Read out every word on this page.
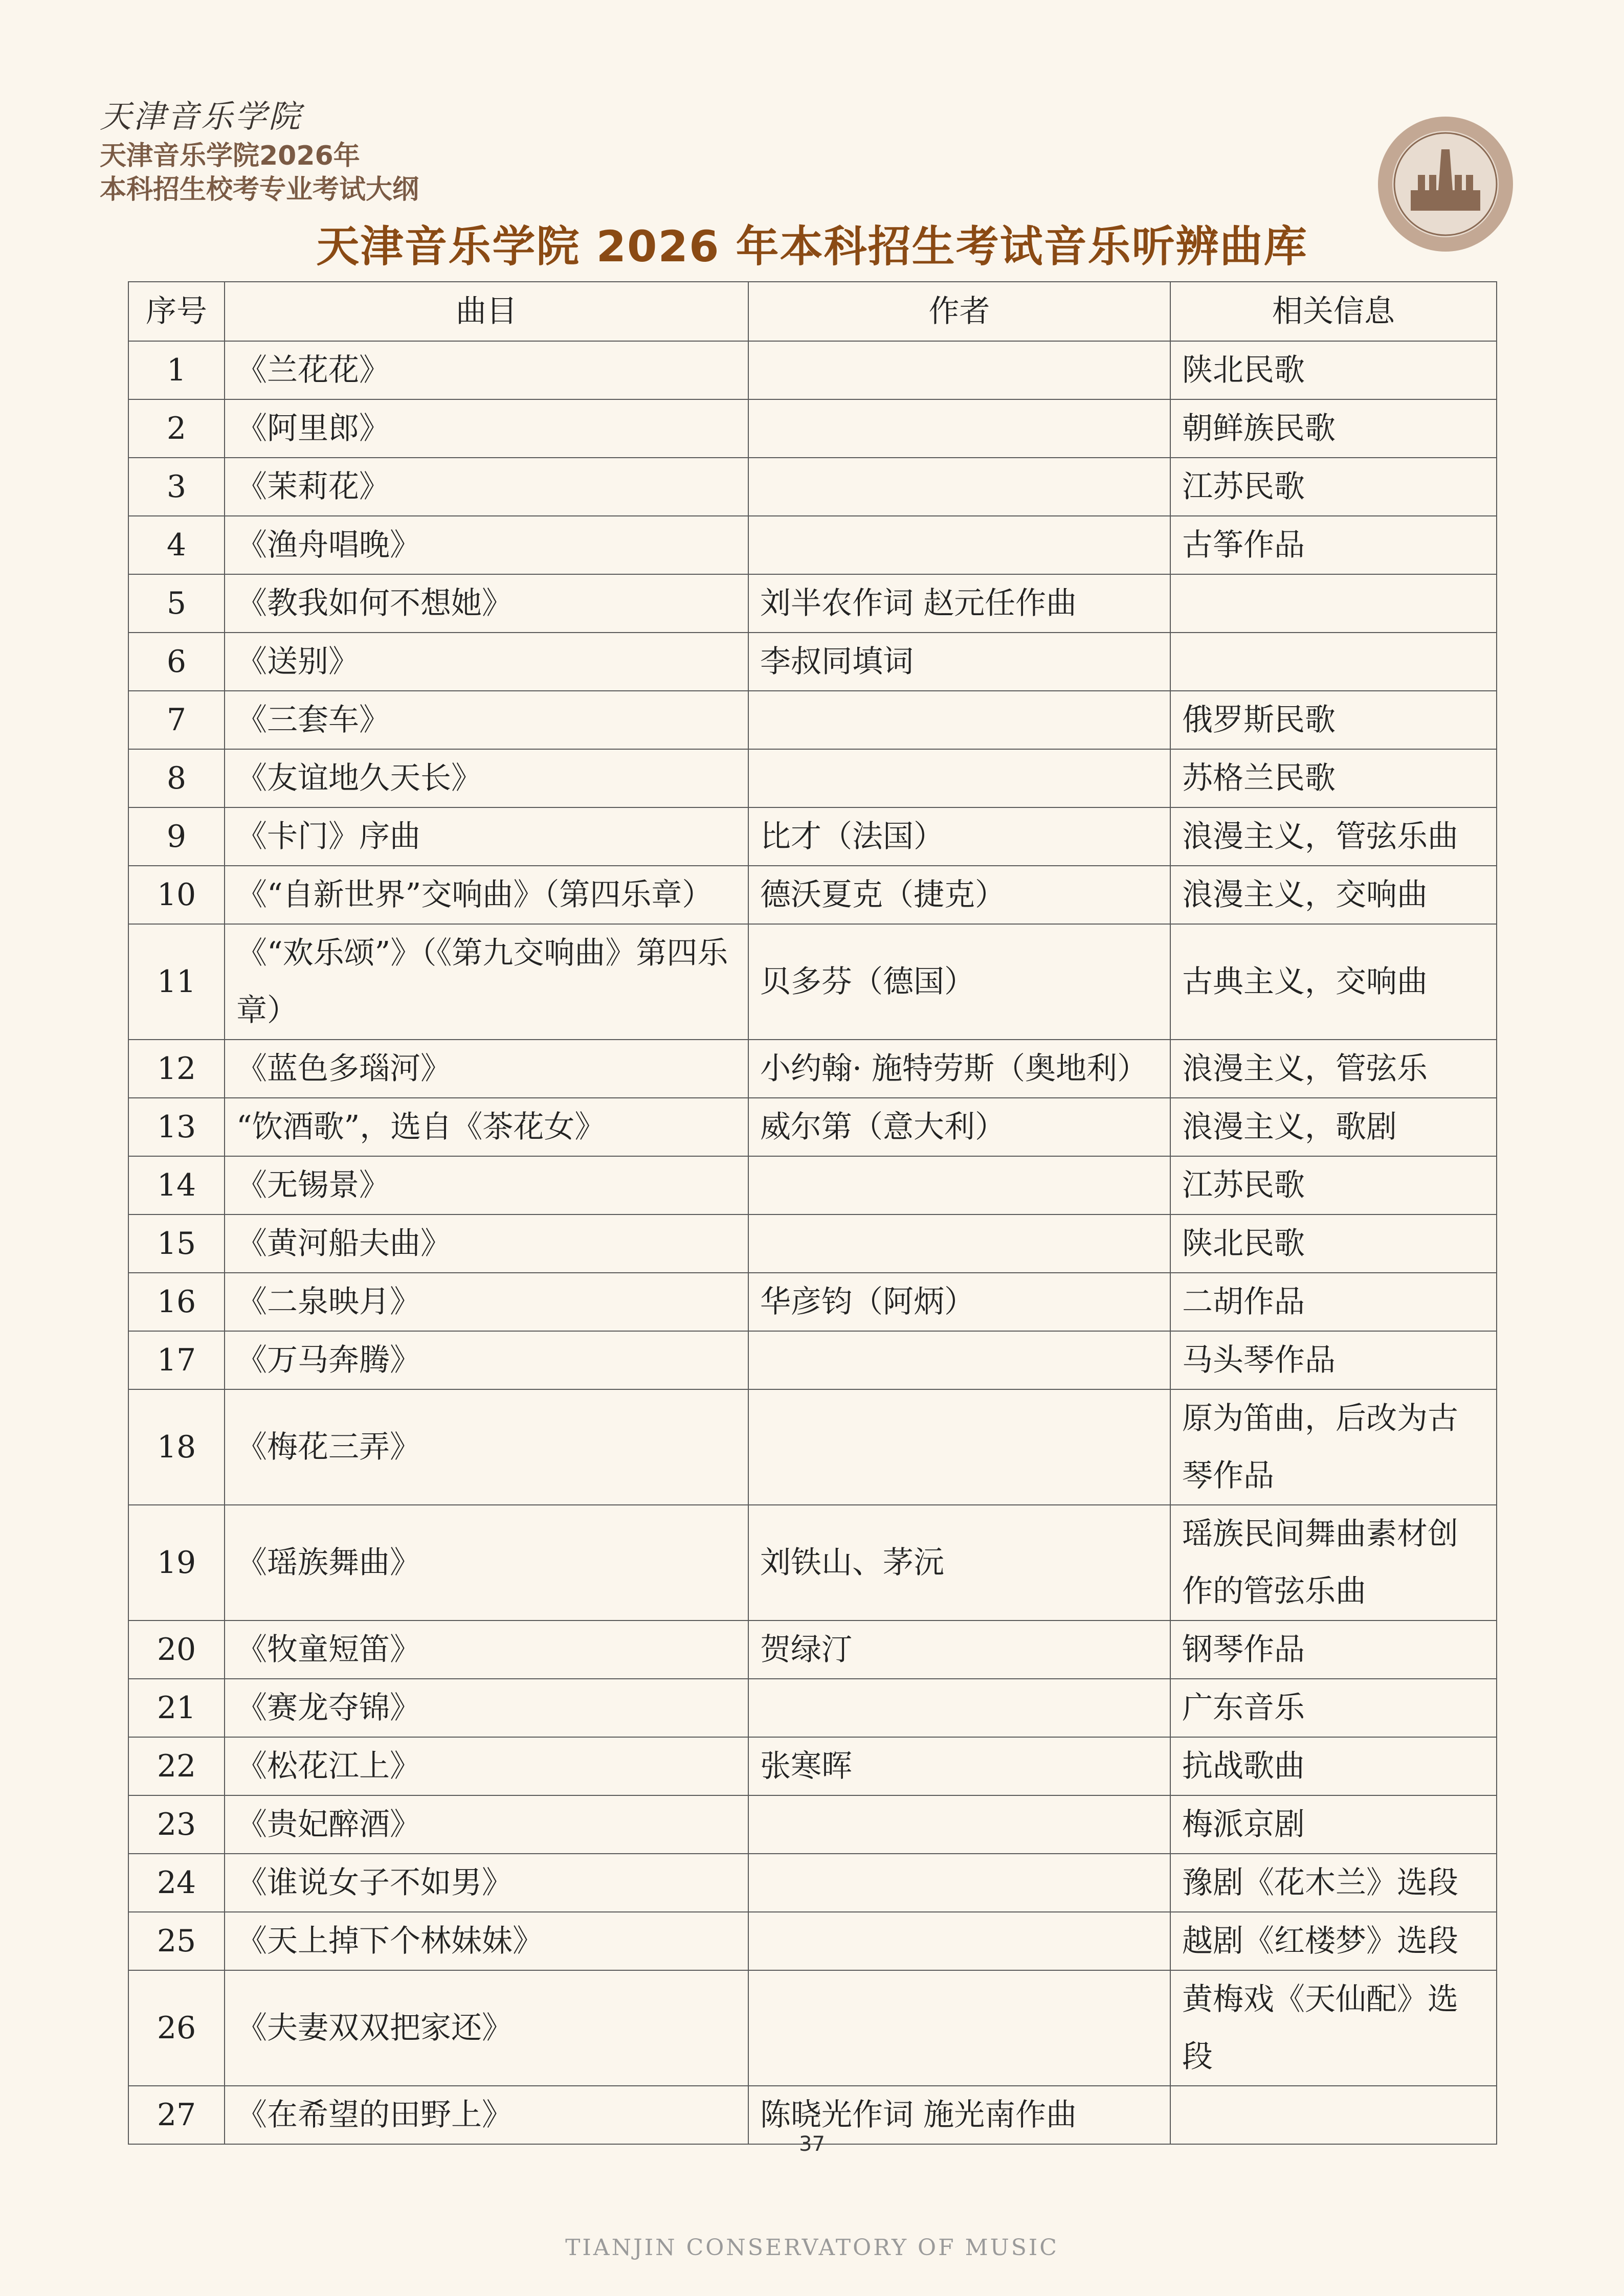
天津音乐学院
天津音乐学院2026年
本科招生校考专业考试大纲
天津音乐学院 2026 年本科招生考试音乐听辨曲库
序号	曲目	作者	相关信息
1	《兰花花》		陕北民歌
2	《阿里郎》		朝鲜族民歌
3	《茉莉花》		江苏民歌
4	《渔舟唱晚》		古筝作品
5	《教我如何不想她》	刘半农作词 赵元任作曲	
6	《送别》	李叔同填词	
7	《三套车》		俄罗斯民歌
8	《友谊地久天长》		苏格兰民歌
9	《卡门》序曲	比才（法国）	浪漫主义，管弦乐曲
10	《“自新世界”交响曲》（第四乐章）	德沃夏克（捷克）	浪漫主义，交响曲
11	《“欢乐颂”》（《第九交响曲》第四乐章）	贝多芬（德国）	古典主义，交响曲
12	《蓝色多瑙河》	小约翰· 施特劳斯（奥地利）	浪漫主义，管弦乐
13	“饮酒歌”，选自《茶花女》	威尔第（意大利）	浪漫主义，歌剧
14	《无锡景》		江苏民歌
15	《黄河船夫曲》		陕北民歌
16	《二泉映月》	华彦钧（阿炳）	二胡作品
17	《万马奔腾》		马头琴作品
18	《梅花三弄》		原为笛曲，后改为古琴作品
19	《瑶族舞曲》	刘铁山、茅沅	瑶族民间舞曲素材创作的管弦乐曲
20	《牧童短笛》	贺绿汀	钢琴作品
21	《赛龙夺锦》		广东音乐
22	《松花江上》	张寒晖	抗战歌曲
23	《贵妃醉酒》		梅派京剧
24	《谁说女子不如男》		豫剧《花木兰》选段
25	《天上掉下个林妹妹》		越剧《红楼梦》选段
26	《夫妻双双把家还》		黄梅戏《天仙配》选段
27	《在希望的田野上》	陈晓光作词 施光南作曲	
37
TIANJIN CONSERVATORY OF MUSIC
